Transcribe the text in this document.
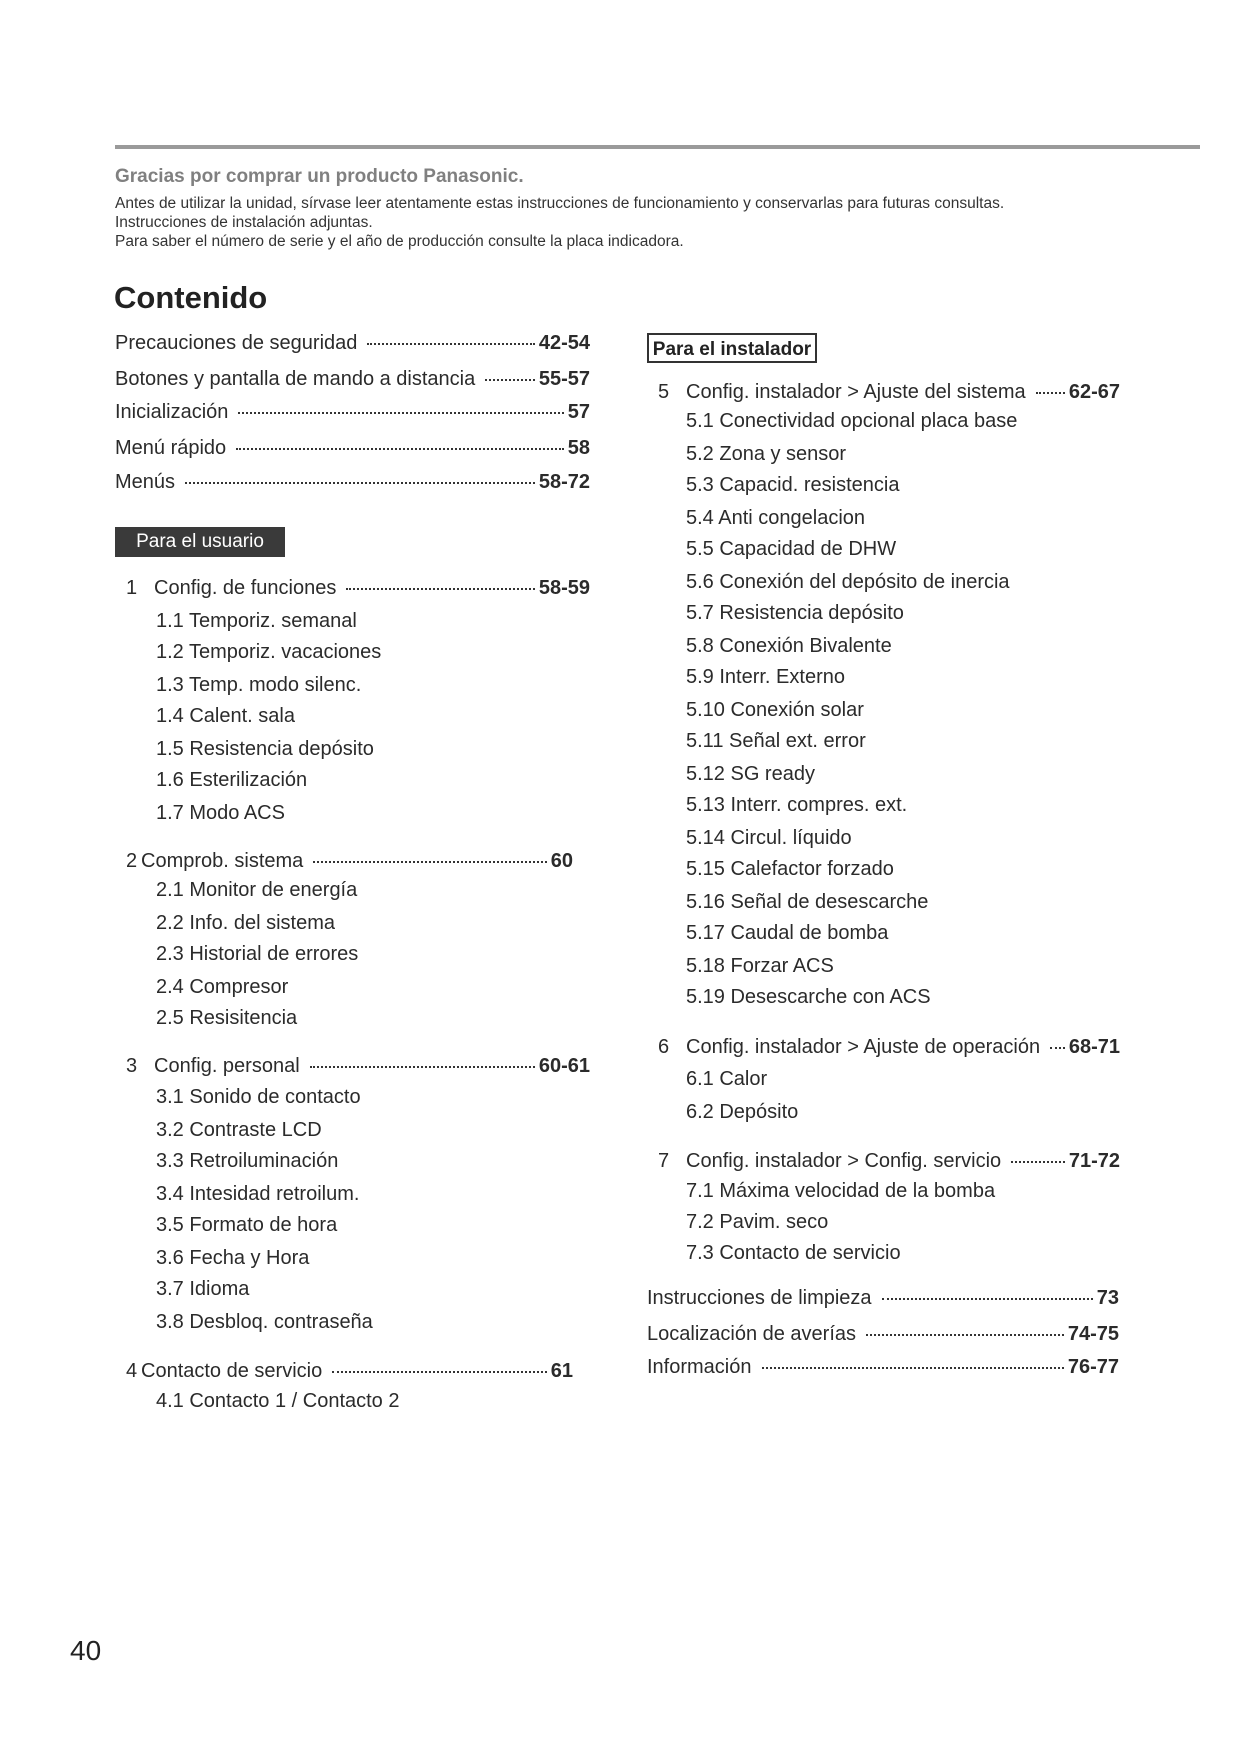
Gracias por comprar un producto Panasonic.

Antes de utilizar la unidad, sírvase leer atentamente estas instrucciones de funcionamiento y conservarlas para futuras consultas.

Instrucciones de instalación adjuntas.

Para saber el número de serie y el año de producción consulte la placa indicadora.

Contenido
Precauciones de seguridad	42-54
Botones y pantalla de mando a distancia	55-57
Inicialización	57
Menú rápido	58
Menús	58-72
Para el usuario
1 Config. de funciones	58-59
1.1 Temporiz. semanal
1.2 Temporiz. vacaciones
1.3 Temp. modo silenc.
1.4 Calent. sala
1.5 Resistencia depósito
1.6 Esterilización
1.7 Modo ACS
2 Comprob. sistema	60
2.1 Monitor de energía
2.2 Info. del sistema
2.3 Historial de errores
2.4 Compresor
2.5 Resisitencia
3 Config. personal	60-61
3.1 Sonido de contacto
3.2 Contraste LCD
3.3 Retroiluminación
3.4 Intesidad retroilum.
3.5 Formato de hora
3.6 Fecha y Hora
3.7 Idioma
3.8 Desbloq. contraseña
4 Contacto de servicio	61
4.1 Contacto 1 / Contacto 2
Para el instalador
5 Config. instalador > Ajuste del sistema 62-67
5.1 Conectividad opcional placa base
5.2 Zona y sensor
5.3 Capacid. resistencia
5.4 Anti congelacion
5.5 Capacidad de DHW
5.6 Conexión del depósito de inercia
5.7 Resistencia depósito
5.8 Conexión Bivalente
5.9 Interr. Externo
5.10 Conexión solar
5.11 Señal ext. error
5.12 SG ready
5.13 Interr. compres. ext.
5.14 Circul. líquido
5.15 Calefactor forzado
5.16 Señal de desescarche
5.17 Caudal de bomba
5.18 Forzar ACS
5.19 Desescarche con ACS
6 Config. instalador > Ajuste de operación 68-71
6.1 Calor
6.2 Depósito
7 Config. instalador > Config. servicio	71-72
7.1 Máxima velocidad de la bomba
7.2 Pavim. seco
7.3 Contacto de servicio
Instrucciones de limpieza	73
Localización de averías	74-75
Información	76-77
40
